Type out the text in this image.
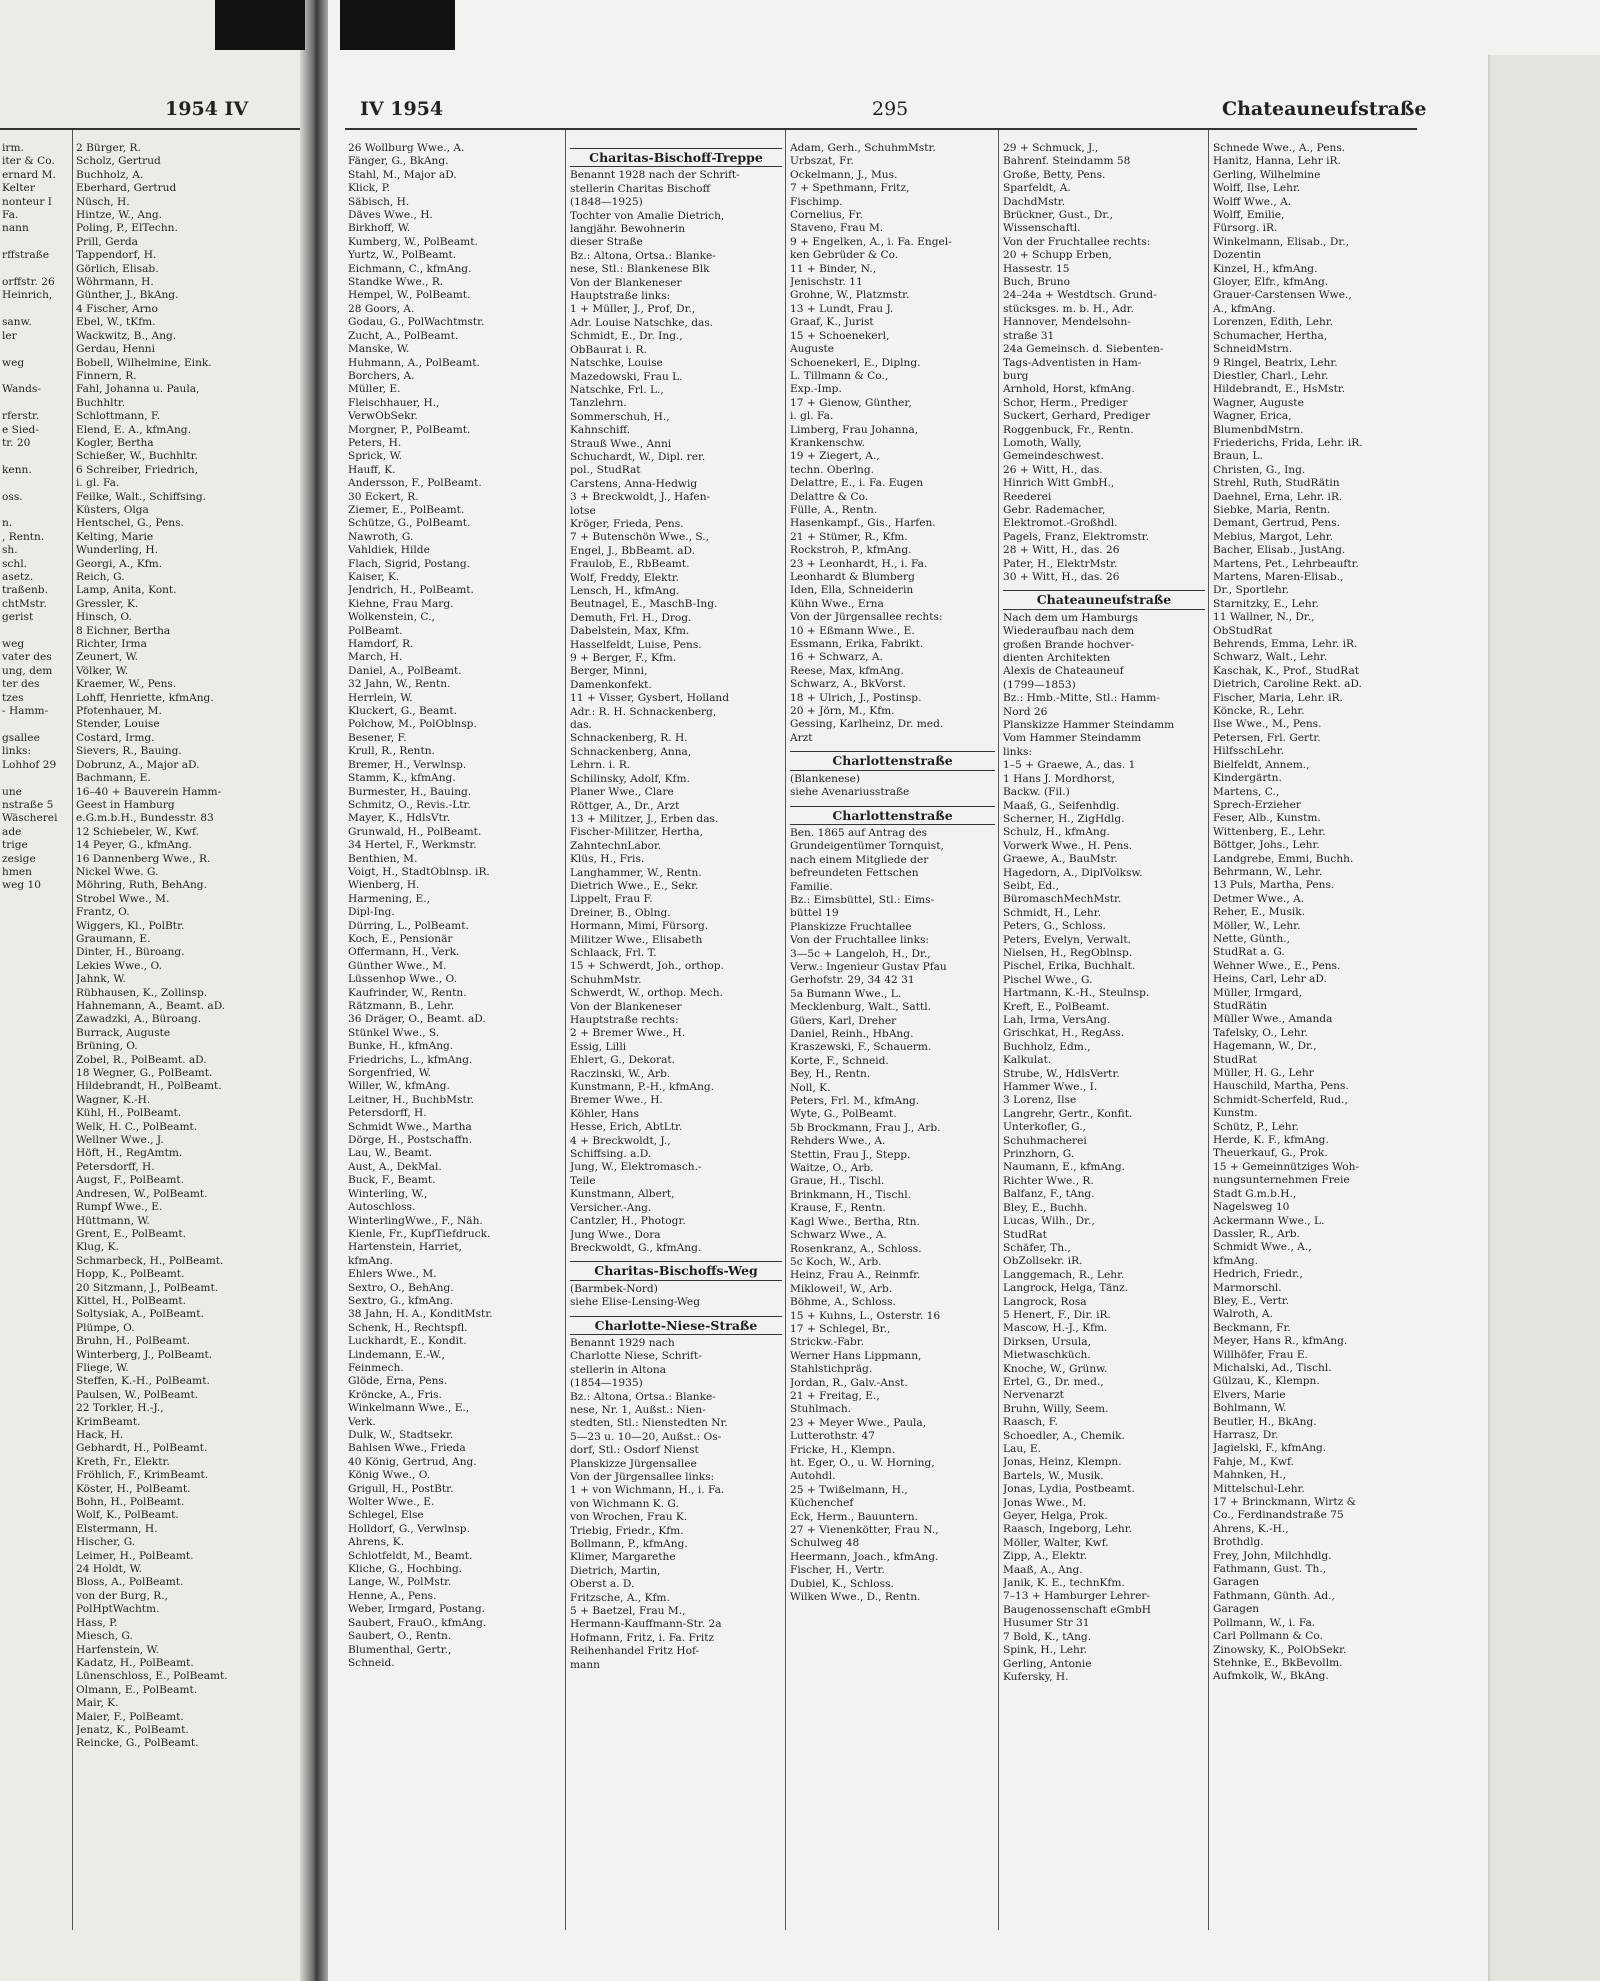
1954 IV	IV 1954	295	Chateauneufstraße
irm.
iter & Co.
ernard M.
Kelter
nonteur I
Fa.
nann

rffstraße

orffstr. 26
Heinrich,

sanw.
ler

weg

Wands-

rferstr.
e Sied-
tr. 20

kenn.

oss.

n.
, Rentn.
sh.
schl.
asetz.
traßenb.
chtMstr.
gerist

weg
vater des
ung, dem
ter des
tzes
- Hamm-

gsallee
links:
Lohhof 29

une
nstraße 5
Wäscherei
ade
trige
zesige
hmen
weg 10
2 Bürger, R.
Scholz, Gertrud
Buchholz, A.
Eberhard, Gertrud
Nüsch, H.
Hintze, W., Ang.
Poling, P., ElTechn.
Prill, Gerda
Tappendorf, H.
Görlich, Elisab.
Wöhrmann, H.
Günther, J., BkAng.
4 Fischer, Arno
Ebel, W., tKfm.
Wackwitz, B., Ang.
Gerdau, Henni
Bobell, Wilhelmine, Eink.
Finnern, R.
Fahl, Johanna u. Paula,
Buchhltr.
Schlottmann, F.
Elend, E. A., kfmAng.
Kogler, Bertha
Schießer, W., Buchhltr.
6 Schreiber, Friedrich,
i. gl. Fa.
Feilke, Walt., Schiffsing.
Küsters, Olga
Hentschel, G., Pens.
Kelting, Marie
Wunderling, H.
Georgi, A., Kfm.
Reich, G.
Lamp, Anita, Kont.
Gressler, K.
Hinsch, O.
8 Eichner, Bertha
Richter, Irma
Zeunert, W.
Völker, W.
Kraemer, W., Pens.
Lohff, Henriette, kfmAng.
Pfotenhauer, M.
Stender, Louise
Costard, Irmg.
Sievers, R., Bauing.
Dobrunz, A., Major aD.
Bachmann, E.
16–40 + Bauverein Hamm-
Geest in Hamburg
e.G.m.b.H., Bundesstr. 83
12 Schiebeler, W., Kwf.
14 Peyer, G., kfmAng.
16 Dannenberg Wwe., R.
Nickel Wwe. G.
Möhring, Ruth, BehAng.
Strobel Wwe., M.
Frantz, O.
Wiggers, Kl., PolBtr.
Graumann, E.
Dinter, H., Büroang.
Lekies Wwe., O.
Jahnk, W.
Rübhausen, K., Zollinsp.
Hahnemann, A., Beamt. aD.
Zawadzki, A., Büroang.
Burrack, Auguste
Brüning, O.
Zobel, R., PolBeamt. aD.
18 Wegner, G., PolBeamt.
Hildebrandt, H., PolBeamt.
Wagner, K.-H.
Kühl, H., PolBeamt.
Welk, H. C., PolBeamt.
Wellner Wwe., J.
Höft, H., RegAmtm.
Petersdorff, H.
Augst, F., PolBeamt.
Andresen, W., PolBeamt.
Rumpf Wwe., E.
Hüttmann, W.
Grent, E., PolBeamt.
Klug, K.
Schmarbeck, H., PolBeamt.
Hopp, K., PolBeamt.
20 Sitzmann, J., PolBeamt.
Kittel, H., PolBeamt.
Soltysiak, A., PolBeamt.
Plümpe, O.
Bruhn, H., PolBeamt.
Winterberg, J., PolBeamt.
Fliege, W.
Steffen, K.-H., PolBeamt.
Paulsen, W., PolBeamt.
22 Torkler, H.-J.,
KrimBeamt.
Hack, H.
Gebhardt, H., PolBeamt.
Kreth, Fr., Elektr.
Fröhlich, F., KrimBeamt.
Köster, H., PolBeamt.
Bohn, H., PolBeamt.
Wolf, K., PolBeamt.
Elstermann, H.
Hischer, G.
Leimer, H., PolBeamt.
24 Holdt, W.
Bloss, A., PolBeamt.
von der Burg, R.,
PolHptWachtm.
Hass, P.
Miesch, G.
Harfenstein, W.
Kadatz, H., PolBeamt.
Lünenschloss, E., PolBeamt.
Olmann, E., PolBeamt.
Mair, K.
Maier, F., PolBeamt.
Jenatz, K., PolBeamt.
Reincke, G., PolBeamt.
26 Wollburg Wwe., A.
Fänger, G., BkAng.
Stahl, M., Major aD.
Klick, P.
Säbisch, H.
Däves Wwe., H.
Birkhoff, W.
Kumberg, W., PolBeamt.
Yurtz, W., PolBeamt.
Eichmann, C., kfmAng.
Standke Wwe., R.
Hempel, W., PolBeamt.
28 Goors, A.
Godau, G., PolWachtmstr.
Zucht, A., PolBeamt.
Manske, W.
Huhmann, A., PolBeamt.
Borchers, A.
Müller, E.
Fleischhauer, H.,
VerwObSekr.
Morgner, P., PolBeamt.
Peters, H.
Sprick, W.
Hauff, K.
Andersson, F., PolBeamt.
30 Eckert, R.
Ziemer, E., PolBeamt.
Schütze, G., PolBeamt.
Nawroth, G.
Vahldiek, Hilde
Flach, Sigrid, Postang.
Kaiser, K.
Jendrich, H., PolBeamt.
Kiehne, Frau Marg.
Wolkenstein, C.,
PolBeamt.
Hamdorf, R.
March, H.
Daniel, A., PolBeamt.
32 Jahn, W., Rentn.
Herrlein, W.
Kluckert, G., Beamt.
Polchow, M., PolOblnsp.
Besener, F.
Krull, R., Rentn.
Bremer, H., Verwlnsp.
Stamm, K., kfmAng.
Burmester, H., Bauing.
Schmitz, O., Revis.-Ltr.
Mayer, K., HdlsVtr.
Grunwald, H., PolBeamt.
34 Hertel, F., Werkmstr.
Benthien, M.
Voigt, H., StadtOblnsp. iR.
Wienberg, H.
Harmening, E.,
Dipl-Ing.
Dürring, L., PolBeamt.
Koch, E., Pensionär
Offermann, H., Verk.
Günther Wwe., M.
Lüssenhop Wwe., O.
Kaufrinder, W., Rentn.
Rätzmann, B., Lehr.
36 Dräger, O., Beamt. aD.
Stünkel Wwe., S.
Bunke, H., kfmAng.
Friedrichs, L., kfmAng.
Sorgenfried, W.
Willer, W., kfmAng.
Leitner, H., BuchbMstr.
Petersdorff, H.
Schmidt Wwe., Martha
Dörge, H., Postschaffn.
Lau, W., Beamt.
Aust, A., DekMal.
Buck, F., Beamt.
Winterling, W.,
Autoschloss.
WinterlingWwe., F., Näh.
Kienle, Fr., KupfTiefdruck.
Hartenstein, Harriet,
kfmAng.
Ehlers Wwe., M.
Sextro, O., BehAng.
Sextro, G., kfmAng.
38 Jahn, H. A., KonditMstr.
Schenk, H., Rechtspfl.
Luckhardt, E., Kondit.
Lindemann, E.-W.,
Feinmech.
Glöde, Erna, Pens.
Kröncke, A., Fris.
Winkelmann Wwe., E.,
Verk.
Dulk, W., Stadtsekr.
Bahlsen Wwe., Frieda
40 König, Gertrud, Ang.
König Wwe., O.
Grigull, H., PostBtr.
Wolter Wwe., E.
Schlegel, Else
Holldorf, G., Verwlnsp.
Ahrens, K.
Schlotfeldt, M., Beamt.
Kliche, G., Hochbing.
Lange, W., PolMstr.
Henne, A., Pens.
Weber, Irmgard, Postang.
Saubert, FrauO., kfmAng.
Saubert, O., Rentn.
Blumenthal, Gertr.,
Schneid.
Charitas-Bischoff-Treppe
Benannt 1928 nach der Schrift-
stellerin Charitas Bischoff
(1848—1925)
Tochter von Amalie Dietrich,
langjähr. Bewohnerin
dieser Straße
Bz.: Altona, Ortsa.: Blanke-
nese, Stl.: Blankenese Blk
Von der Blankeneser
Hauptstraße links:
1 + Müller, J., Prof, Dr.,
Adr. Louise Natschke, das.
Schmidt, E., Dr. Ing.,
ObBaurat i. R.
Natschke, Louise
Mazedowski, Frau L.
Natschke, Frl. L.,
Tanzlehrn.
Sommerschuh, H.,
Kahnschiff.
Strauß Wwe., Anni
Schuchardt, W., Dipl. rer.
pol., StudRat
Carstens, Anna-Hedwig
3 + Breckwoldt, J., Hafen-
lotse
Kröger, Frieda, Pens.
7 + Butenschön Wwe., S.,
Engel, J., BbBeamt. aD.
Fraulob, E., RbBeamt.
Wolf, Freddy, Elektr.
Lensch, H., kfmAng.
Beutnagel, E., MaschB-Ing.
Demuth, Frl. H., Drog.
Dabelstein, Max, Kfm.
Hasselfeldt, Luise, Pens.
9 + Berger, F., Kfm.
Berger, Minni,
Damenkonfekt.
11 + Visser, Gysbert, Holland
Adr.: R. H. Schnackenberg,
das.
Schnackenberg, R. H.
Schnackenberg, Anna,
Lehrn. i. R.
Schilinsky, Adolf, Kfm.
Planer Wwe., Clare
Röttger, A., Dr., Arzt
13 + Militzer, J., Erben das.
Fischer-Militzer, Hertha,
ZahntechnLabor.
Klüs, H., Fris.
Langhammer, W., Rentn.
Dietrich Wwe., E., Sekr.
Lippelt, Frau F.
Dreiner, B., Oblng.
Hormann, Mimi, Fürsorg.
Militzer Wwe., Elisabeth
Schlaack, Frl. T.
15 + Schwerdt, Joh., orthop.
SchuhmMstr.
Schwerdt, W., orthop. Mech.
Von der Blankeneser
Hauptstraße rechts:
2 + Bremer Wwe., H.
Essig, Lilli
Ehlert, G., Dekorat.
Raczinski, W., Arb.
Kunstmann, P.-H., kfmAng.
Bremer Wwe., H.
Köhler, Hans
Hesse, Erich, AbtLtr.
4 + Breckwoldt, J.,
Schiffsing. a.D.
Jung, W., Elektromasch.-
Teile
Kunstmann, Albert,
Versicher.-Ang.
Cantzler, H., Photogr.
Jung Wwe., Dora
Breckwoldt, G., kfmAng.
Charitas-Bischoffs-Weg
(Barmbek-Nord)
siehe Elise-Lensing-Weg
Charlotte-Niese-Straße
Benannt 1929 nach
Charlotte Niese, Schrift-
stellerin in Altona
(1854—1935)
Bz.: Altona, Ortsa.: Blanke-
nese, Nr. 1, Außst.: Nien-
stedten, Stl.: Nienstedten Nr.
5—23 u. 10—20, Außst.: Os-
dorf, Stl.: Osdorf Nienst
Planskizze Jürgensallee
Von der Jürgensallee links:
1 + von Wichmann, H., i. Fa.
von Wichmann K. G.
von Wrochen, Frau K.
Triebig, Friedr., Kfm.
Bollmann, P., kfmAng.
Klimer, Margarethe
Dietrich, Martin,
Oberst a. D.
Fritzsche, A., Kfm.
5 + Baetzel, Frau M.,
Hermann-Kauffmann-Str. 2a
Hofmann, Fritz, i. Fa. Fritz
Reihenhandel Fritz Hof-
mann
Adam, Gerh., SchuhmMstr.
Urbszat, Fr.
Ockelmann, J., Mus.
7 + Spethmann, Fritz,
Fischimp.
Cornelius, Fr.
Staveno, Frau M.
9 + Engelken, A., i. Fa. Engel-
ken Gebrüder & Co.
11 + Binder, N.,
Jenischstr. 11
Grohne, W., Platzmstr.
13 + Lundt, Frau J.
Graaf, K., Jurist
15 + Schoenekerl,
Auguste
Schoenekerl, E., Diplng.
L. Tillmann & Co.,
Exp.-Imp.
17 + Gienow, Günther,
i. gl. Fa.
Limberg, Frau Johanna,
Krankenschw.
19 + Ziegert, A.,
techn. Oberlng.
Delattre, E., i. Fa. Eugen
Delattre & Co.
Fülle, A., Rentn.
Hasenkampf., Gis., Harfen.
21 + Stümer, R., Kfm.
Rockstroh, P., kfmAng.
23 + Leonhardt, H., i. Fa.
Leonhardt & Blumberg
Iden, Ella, Schneiderin
Kühn Wwe., Erna
Von der Jürgensallee rechts:
10 + Eßmann Wwe., E.
Essmann, Erika, Fabrikt.
16 + Schwarz, A.
Reese, Max, kfmAng.
Schwarz, A., BkVorst.
18 + Ulrich, J., Postinsp.
20 + Jörn, M., Kfm.
Gessing, Karlheinz, Dr. med.
Arzt
Charlottenstraße
(Blankenese)
siehe Avenariusstraße
Charlottenstraße
Ben. 1865 auf Antrag des
Grundeigentümer Tornquist,
nach einem Mitgliede der
befreundeten Fettschen
Familie.
Bz.: Eimsbüttel, Stl.: Eims-
büttel 19
Planskizze Fruchtallee
Von der Fruchtallee links:
3—5c + Langeloh, H., Dr.,
Verw.: Ingenieur Gustav Pfau
Gerhofstr. 29, 34 42 31
5a Bumann Wwe., L.
Mecklenburg, Walt., Sattl.
Güers, Karl, Dreher
Daniel, Reinh., HbAng.
Kraszewski, F., Schauerm.
Korte, F., Schneid.
Bey, H., Rentn.
Noll, K.
Peters, Frl. M., kfmAng.
Wyte, G., PolBeamt.
5b Brockmann, Frau J., Arb.
Rehders Wwe., A.
Stettin, Frau J., Stepp.
Waitze, O., Arb.
Graue, H., Tischl.
Brinkmann, H., Tischl.
Krause, F., Rentn.
Kagl Wwe., Bertha, Rtn.
Schwarz Wwe., A.
Rosenkranz, A., Schloss.
5c Koch, W., Arb.
Heinz, Frau A., Reinmfr.
Miklowei!, W., Arb.
Böhme, A., Schloss.
15 + Kuhns, L., Osterstr. 16
17 + Schlegel, Br.,
Strickw.-Fabr.
Werner Hans Lippmann,
Stahlstichpräg.
Jordan, R., Galv.-Anst.
21 + Freitag, E.,
Stuhlmach.
23 + Meyer Wwe., Paula,
Lutterothstr. 47
Fricke, H., Klempn.
ht. Eger, O., u. W. Horning,
Autohdl.
25 + Twißelmann, H.,
Küchenchef
Eck, Herm., Bauuntern.
27 + Vienenkötter, Frau N.,
Schulweg 48
Heermann, Joach., kfmAng.
Fischer, H., Vertr.
Dubiel, K., Schloss.
Wilken Wwe., D., Rentn.
29 + Schmuck, J.,
Bahrenf. Steindamm 58
Große, Betty, Pens.
Sparfeldt, A.
DachdMstr.
Brückner, Gust., Dr.,
Wissenschaftl.
Von der Fruchtallee rechts:
20 + Schupp Erben,
Hassestr. 15
Buch, Bruno
24–24a + Westdtsch. Grund-
stücksges. m. b. H., Adr.
Hannover, Mendelsohn-
straße 31
24a Gemeinsch. d. Siebenten-
Tags-Adventisten in Ham-
burg
Arnhold, Horst, kfmAng.
Schor, Herm., Prediger
Suckert, Gerhard, Prediger
Roggenbuck, Fr., Rentn.
Lomoth, Wally,
Gemeindeschwest.
26 + Witt, H., das.
Hinrich Witt GmbH.,
Reederei
Gebr. Rademacher,
Elektromot.-Großhdl.
Pagels, Franz, Elektromstr.
28 + Witt, H., das. 26
Pater, H., ElektrMstr.
30 + Witt, H., das. 26
Chateauneufstraße
Nach dem um Hamburgs
Wiederaufbau nach dem
großen Brande hochver-
dienten Architekten
Alexis de Chateauneuf
(1799—1853)
Bz.: Hmb.-Mitte, Stl.: Hamm-
Nord 26
Planskizze Hammer Steindamm
Vom Hammer Steindamm
links:
1–5 + Graewe, A., das. 1
1 Hans J. Mordhorst,
Backw. (Fil.)
Maaß, G., Seifenhdlg.
Scherner, H., ZigHdlg.
Schulz, H., kfmAng.
Vorwerk Wwe., H. Pens.
Graewe, A., BauMstr.
Hagedorn, A., DiplVolksw.
Seibt, Ed.,
BüromaschMechMstr.
Schmidt, H., Lehr.
Peters, G., Schloss.
Peters, Evelyn, Verwalt.
Nielsen, H., RegOblnsp.
Pischel, Erika, Buchhalt.
Pischel Wwe., G.
Hartmann, K.-H., Steulnsp.
Kreft, E., PolBeamt.
Lah, Irma, VersAng.
Grischkat, H., RegAss.
Buchholz, Edm.,
Kalkulat.
Strube, W., HdlsVertr.
Hammer Wwe., I.
3 Lorenz, Ilse
Langrehr, Gertr., Konfit.
Unterkofler, G.,
Schuhmacherei
Prinzhorn, G.
Naumann, E., kfmAng.
Richter Wwe., R.
Balfanz, F., tAng.
Bley, E., Buchh.
Lucas, Wilh., Dr.,
StudRat
Schäfer, Th.,
ObZollsekr. iR.
Langgemach, R., Lehr.
Langrock, Helga, Tänz.
Langrock, Rosa
5 Henert, F., Dir. iR.
Mascow, H.-J., Kfm.
Dirksen, Ursula,
Mietwaschküch.
Knoche, W., Grünw.
Ertel, G., Dr. med.,
Nervenarzt
Bruhn, Willy, Seem.
Raasch, F.
Schoedler, A., Chemik.
Lau, E.
Jonas, Heinz, Klempn.
Bartels, W., Musik.
Jonas, Lydia, Postbeamt.
Jonas Wwe., M.
Geyer, Helga, Prok.
Raasch, Ingeborg, Lehr.
Möller, Walter, Kwf.
Zipp, A., Elektr.
Maaß, A., Ang.
Janik, K. E., technKfm.
7–13 + Hamburger Lehrer-
Baugenossenschaft eGmbH
Husumer Str 31
7 Bold, K., tAng.
Spink, H., Lehr.
Gerling, Antonie
Kufersky, H.
Schnede Wwe., A., Pens.
Hanitz, Hanna, Lehr iR.
Gerling, Wilhelmine
Wolff, Ilse, Lehr.
Wolff Wwe., A.
Wolff, Emilie,
Fürsorg. iR.
Winkelmann, Elisab., Dr.,
Dozentin
Kinzel, H., kfmAng.
Gloyer, Elfr., kfmAng.
Grauer-Carstensen Wwe.,
A., kfmAng.
Lorenzen, Edith, Lehr.
Schumacher, Hertha,
SchneidMstrn.
9 Ringel, Beatrix, Lehr.
Diestler, Charl., Lehr.
Hildebrandt, E., HsMstr.
Wagner, Auguste
Wagner, Erica,
BlumenbdMstrn.
Friederichs, Frida, Lehr. iR.
Braun, L.
Christen, G., Ing.
Strehl, Ruth, StudRätin
Daehnel, Erna, Lehr. iR.
Siebke, Maria, Rentn.
Demant, Gertrud, Pens.
Mebius, Margot, Lehr.
Bacher, Elisab., JustAng.
Martens, Pet., Lehrbeauftr.
Martens, Maren-Elisab.,
Dr., Sportlehr.
Starnitzky, E., Lehr.
11 Wallner, N., Dr.,
ObStudRat
Behrends, Emma, Lehr. iR.
Schwarz, Walt., Lehr.
Kaschak, K., Prof., StudRat
Dietrich, Caroline Rekt. aD.
Fischer, Maria, Lehr. iR.
Köncke, R., Lehr.
Ilse Wwe., M., Pens.
Petersen, Frl. Gertr.
HilfsschLehr.
Bielfeldt, Annem.,
Kindergärtn.
Martens, C.,
Sprech-Erzieher
Feser, Alb., Kunstm.
Wittenberg, E., Lehr.
Böttger, Johs., Lehr.
Landgrebe, Emmi, Buchh.
Behrmann, W., Lehr.
13 Puls, Martha, Pens.
Detmer Wwe., A.
Reher, E., Musik.
Möller, W., Lehr.
Nette, Günth.,
StudRat a. G.
Wehner Wwe., E., Pens.
Heins, Carl, Lehr aD.
Müller, Irmgard,
StudRätin
Müller Wwe., Amanda
Tafelsky, O., Lehr.
Hagemann, W., Dr.,
StudRat
Müller, H. G., Lehr
Hauschild, Martha, Pens.
Schmidt-Scherfeld, Rud.,
Kunstm.
Schütz, P., Lehr.
Herde, K. F., kfmAng.
Theuerkauf, G., Prok.
15 + Gemeinnütziges Woh-
nungsunternehmen Freie
Stadt G.m.b.H.,
Nagelsweg 10
Ackermann Wwe., L.
Dassler, R., Arb.
Schmidt Wwe., A.,
kfmAng.
Hedrich, Friedr.,
Marmorschl.
Bley, E., Vertr.
Walroth, A.
Beckmann, Fr.
Meyer, Hans R., kfmAng.
Willhöfer, Frau E.
Michalski, Ad., Tischl.
Gülzau, K., Klempn.
Elvers, Marie
Bohlmann, W.
Beutler, H., BkAng.
Harrasz, Dr.
Jagielski, F., kfmAng.
Fahje, M., Kwf.
Mahnken, H.,
Mittelschul-Lehr.
17 + Brinckmann, Wirtz &
Co., Ferdinandstraße 75
Ahrens, K.-H.,
Brothdlg.
Frey, John, Milchhdlg.
Fathmann, Gust. Th.,
Garagen
Fathmann, Günth. Ad.,
Garagen
Pollmann, W., i. Fa.
Carl Pollmann & Co.
Zinowsky, K., PolObSekr.
Stehnke, E., BkBevollm.
Aufmkolk, W., BkAng.
